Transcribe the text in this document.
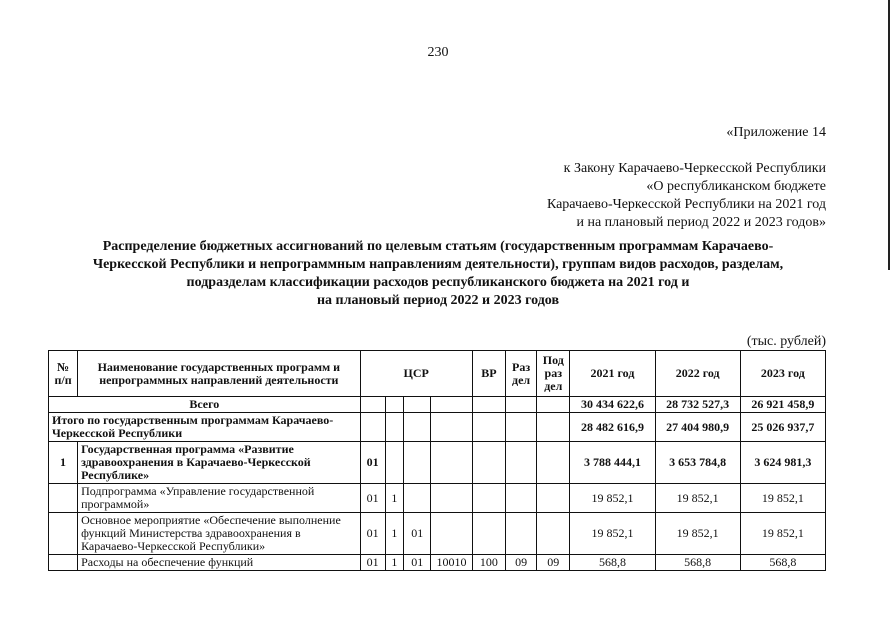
230
«Приложение 14
к Закону Карачаево-Черкесской Республики
«О республиканском бюджете
Карачаево-Черкесской Республики на 2021 год
и на плановый период 2022 и 2023 годов»
Распределение бюджетных ассигнований по целевым статьям (государственным программам Карачаево-
Черкесской Республики и непрограммным направлениям деятельности), группам видов расходов, разделам,
подразделам классификации расходов республиканского бюджета на 2021 год и
на плановый период 2022 и 2023 годов
(тыс. рублей)
№ п/п	Наименование государственных программ и непрограммных направлений деятельности	ЦСР				ВР	Раз дел	Под раз дел	2021 год	2022 год	2023 год
Всего									30 434 622,6	28 732 527,3	26 921 458,9
Итого по государственным программам Карачаево-Черкесской Республики									28 482 616,9	27 404 980,9	25 026 937,7
1	Государственная программа «Развитие здравоохранения в Карачаево-Черкесской Республике»	01							3 788 444,1	3 653 784,8	3 624 981,3
	Подпрограмма «Управление государственной программой»	01	1						19 852,1	19 852,1	19 852,1
	Основное мероприятие «Обеспечение выполнение функций Министерства здравоохранения в Карачаево-Черкесской Республики»	01	1	01					19 852,1	19 852,1	19 852,1
	Расходы на обеспечение функций	01	1	01	10010	100	09	09	568,8	568,8	568,8
